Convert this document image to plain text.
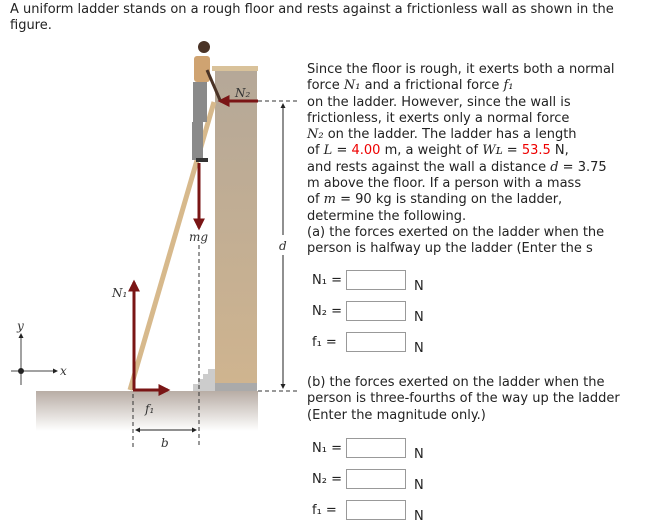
A uniform ladder stands on a rough floor and rests against a frictionless wall as shown in the figure.
N₂
mg
d
N₁
f₁
b
x
y
Since the floor is rough, it exerts both a normal
force N₁ and a frictional force f₁
on the ladder. However, since the wall is
frictionless, it exerts only a normal force
N₂ on the ladder. The ladder has a length
of L = 4.00 m, a weight of Wʟ = 53.5 N,
and rests against the wall a distance d = 3.75
m above the floor. If a person with a mass
of m = 90 kg is standing on the ladder,
determine the following.
(a) the forces exerted on the ladder when the
person is halfway up the ladder (Enter the s
N₁ =	N
N₂ =	N
f₁ =	N
(b) the forces exerted on the ladder when the
person is three-fourths of the way up the ladder
(Enter the magnitude only.)
N₁ =	N
N₂ =	N
f₁ =	N
